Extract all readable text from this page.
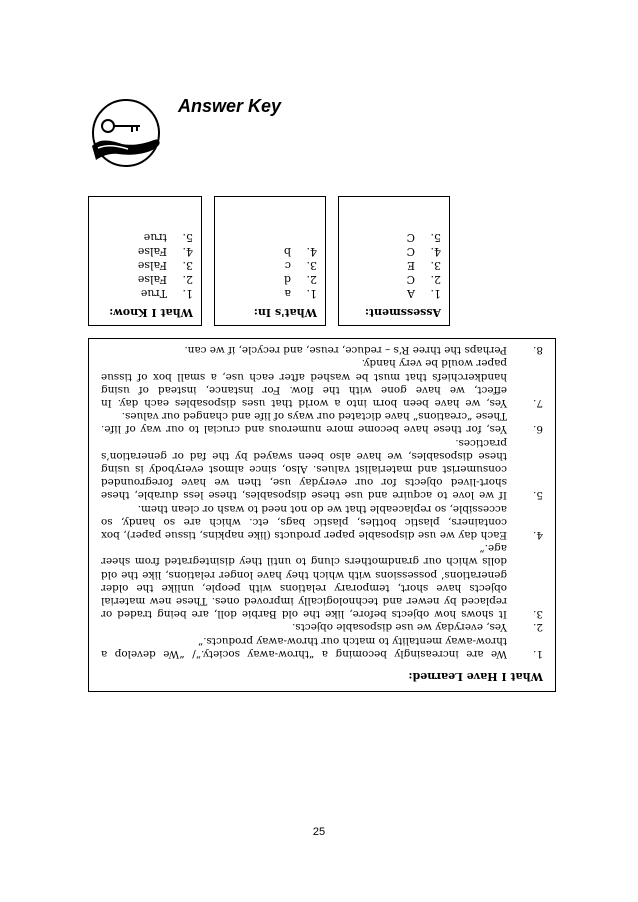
Answer Key

What I Know:

1.
True
2.
False
3.
False
4.
False
5.
true

What's In:

1.
a
2.
d
3.
c
4.
b

Assessment:

1.
A
2.
C
3.
E
4.
C
5.
C

What I Have Learned:

1.
We are increasingly becoming a “throw-away society.”/ “We develop a throw-away mentality to match our throw-away products.”
2.
Yes, everyday we use disposable objects.
3.
It shows how objects before, like the old Barbie doll, are being traded or replaced by newer and technologically improved ones. These new material objects have short, temporary relations with people, unlike the older generations’ possessions with which they have longer relations, like the old dolls which our grandmothers clung to until they disintegrated from sheer age.”
4.
Each day we use disposable paper products (like napkins, tissue paper), box containers, plastic bottles, plastic bags, etc. which are so handy, so accessible, so replaceable that we do not need to wash or clean them.
5.
If we love to acquire and use these disposables, these less durable, these short-lived objects for our everyday use, then we have foregrounded consumerist and materialist values. Also, since almost everybody is using these disposables, we have also been swayed by the fad or generation’s practices.
6.
Yes, for these have become more numerous and crucial to our way of life. These “creations” have dictated our ways of life and changed our values.
7.
Yes, we have been born into a world that uses disposables each day. In effect, we have gone with the flow. For instance, instead of using handkerchiefs that must be washed after each use, a small box of tissue paper would be very handy.
8.
Perhaps the three R’s – reduce, reuse, and recycle, if we can.
25
